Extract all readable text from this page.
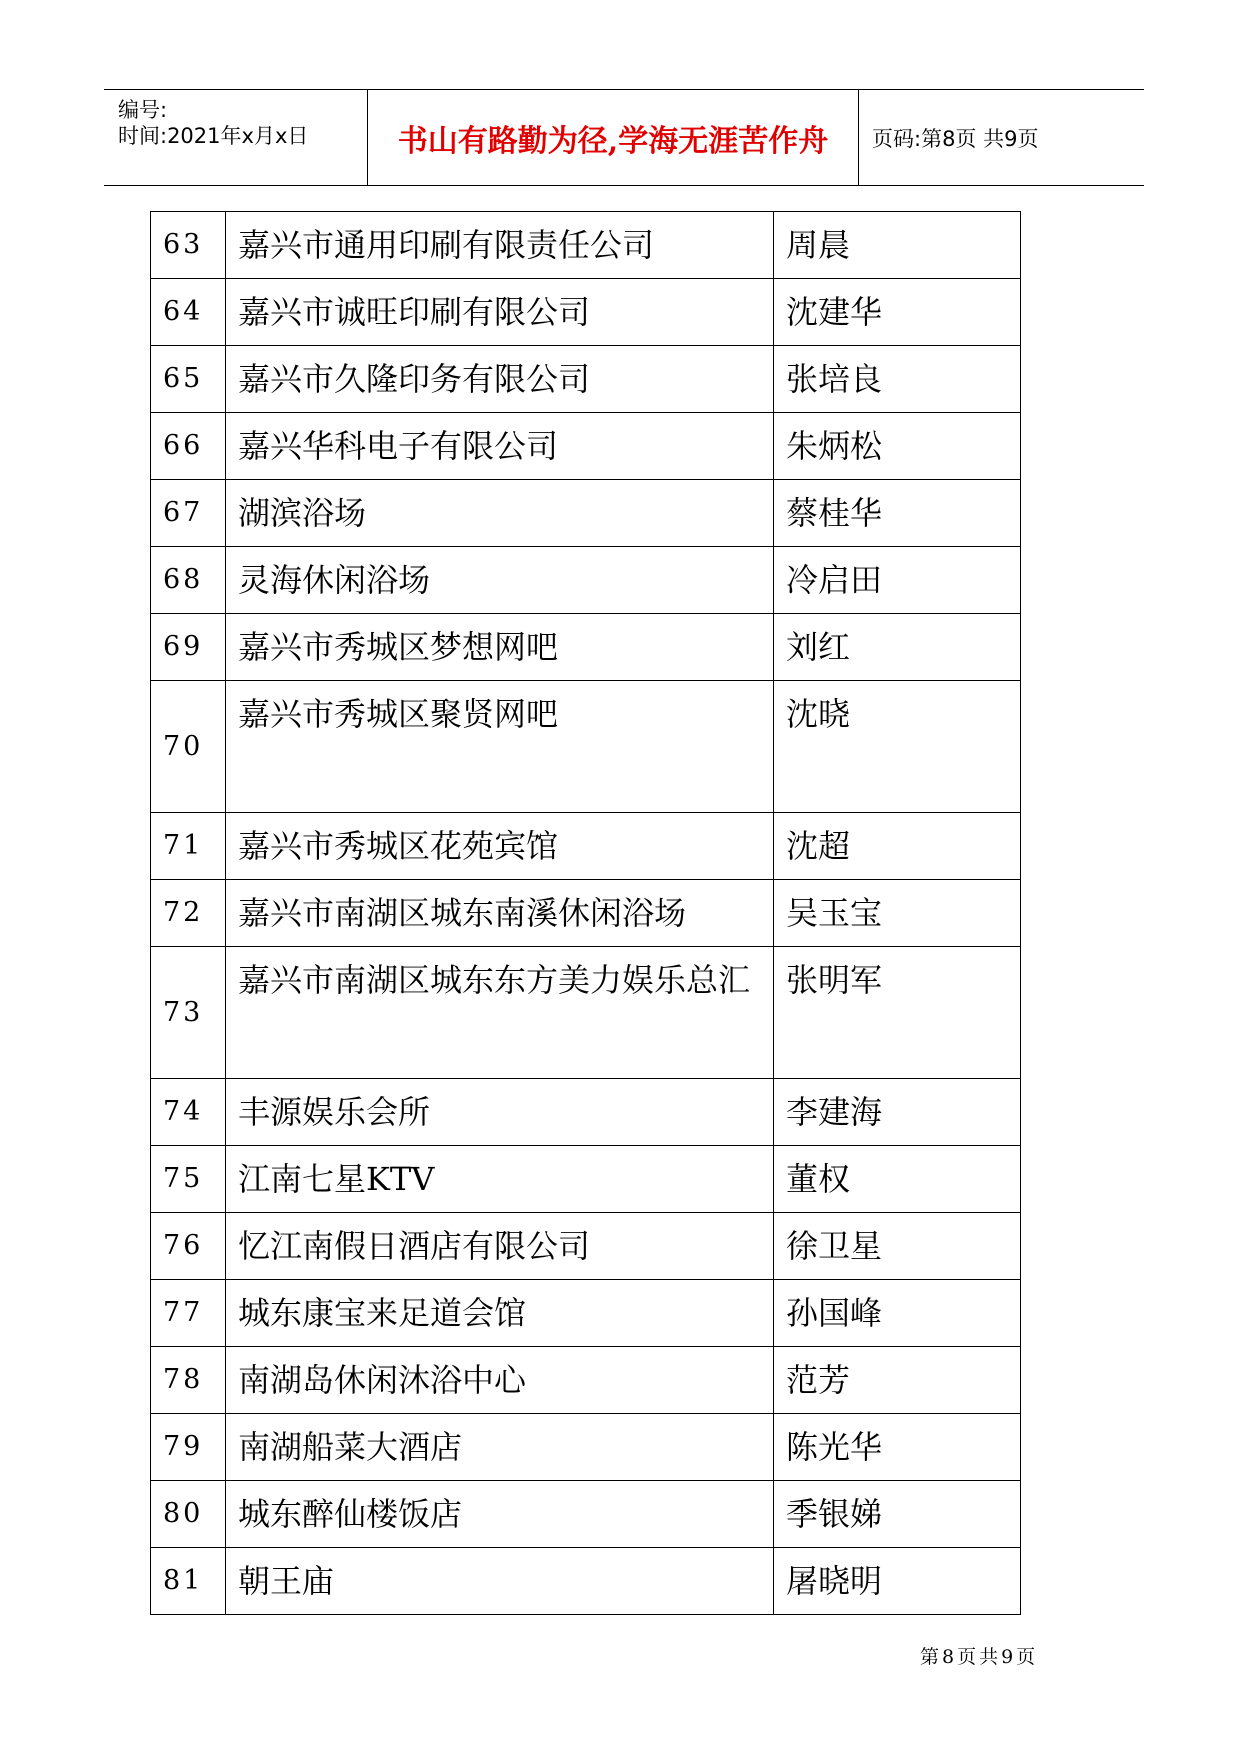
编号:
时间:2021年x月x日	书山有路勤为径,学海无涯苦作舟	页码:第8页 共9页
63	嘉兴市通用印刷有限责任公司	周晨
64	嘉兴市诚旺印刷有限公司	沈建华
65	嘉兴市久隆印务有限公司	张培良
66	嘉兴华科电子有限公司	朱炳松
67	湖滨浴场	蔡桂华
68	灵海休闲浴场	冷启田
69	嘉兴市秀城区梦想网吧	刘红
70	嘉兴市秀城区聚贤网吧	沈晓
71	嘉兴市秀城区花苑宾馆	沈超
72	嘉兴市南湖区城东南溪休闲浴场	吴玉宝
73	嘉兴市南湖区城东东方美力娱乐总汇	张明军
74	丰源娱乐会所	李建海
75	江南七星KTV	董权
76	忆江南假日酒店有限公司	徐卫星
77	城东康宝来足道会馆	孙国峰
78	南湖岛休闲沐浴中心	范芳
79	南湖船菜大酒店	陈光华
80	城东醉仙楼饭店	季银娣
81	朝王庙	屠晓明
第8页共9页
